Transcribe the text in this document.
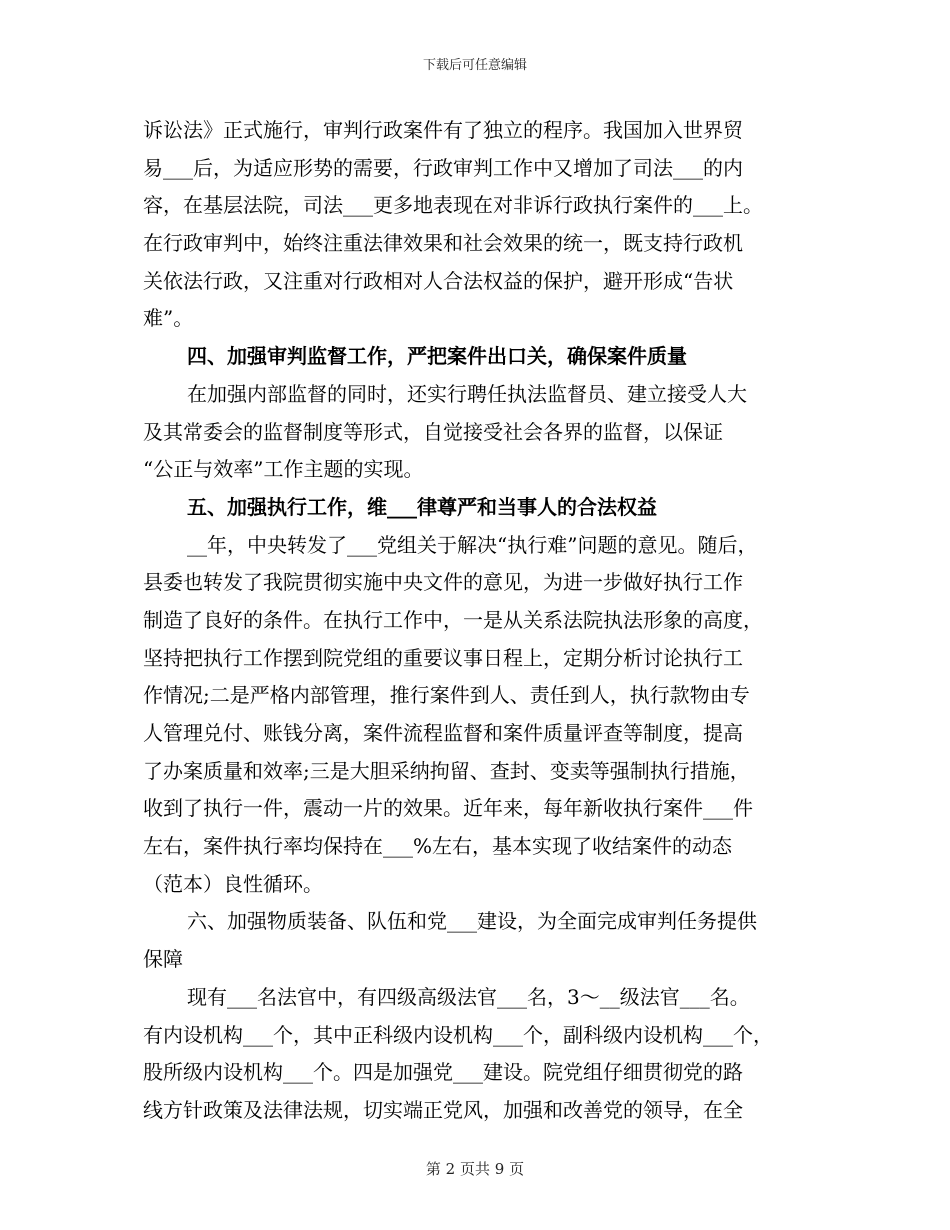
下载后可任意编辑
诉讼法》正式施行，审判行政案件有了独立的程序。我国加入世界贸
易___后，为适应形势的需要，行政审判工作中又增加了司法___的内
容，在基层法院，司法___更多地表现在对非诉行政执行案件的___上。
在行政审判中，始终注重法律效果和社会效果的统一，既支持行政机
关依法行政，又注重对行政相对人合法权益的保护，避开形成“告状
难”。
四、加强审判监督工作，严把案件出口关，确保案件质量
在加强内部监督的同时，还实行聘任执法监督员、建立接受人大
及其常委会的监督制度等形式，自觉接受社会各界的监督，以保证
“公正与效率”工作主题的实现。
五、加强执行工作，维___律尊严和当事人的合法权益
__年，中央转发了___党组关于解决“执行难”问题的意见。随后，
县委也转发了我院贯彻实施中央文件的意见，为进一步做好执行工作
制造了良好的条件。在执行工作中，一是从关系法院执法形象的高度，
坚持把执行工作摆到院党组的重要议事日程上，定期分析讨论执行工
作情况;二是严格内部管理，推行案件到人、责任到人，执行款物由专
人管理兑付、账钱分离，案件流程监督和案件质量评查等制度，提高
了办案质量和效率;三是大胆采纳拘留、查封、变卖等强制执行措施，
收到了执行一件，震动一片的效果。近年来，每年新收执行案件___件
左右，案件执行率均保持在___%左右，基本实现了收结案件的动态
（范本）良性循环。
六、加强物质装备、队伍和党___建设，为全面完成审判任务提供
保障
现有___名法官中，有四级高级法官___名，3～__级法官___名。
有内设机构___个，其中正科级内设机构___个，副科级内设机构___个，
股所级内设机构___个。四是加强党___建设。院党组仔细贯彻党的路
线方针政策及法律法规，切实端正党风，加强和改善党的领导，在全
第 2 页共 9 页
